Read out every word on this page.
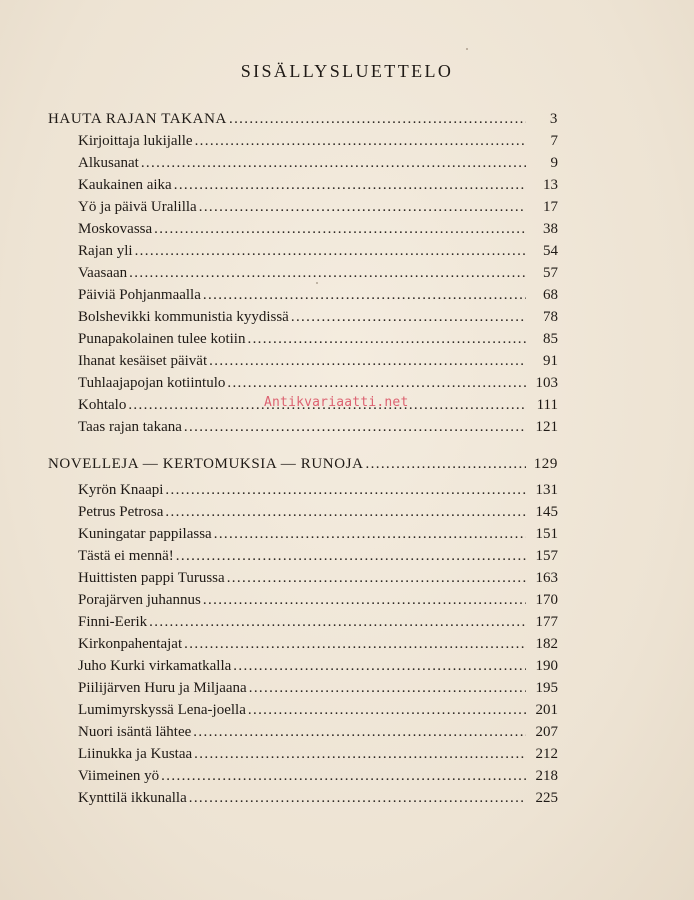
SISÄLLYSLUETTELO
HAUTA RAJAN TAKANA . . .	3
Kirjoittaja lukijalle . . .	7
Alkusanat . . .	9
Kaukainen aika . . .	13
Yö ja päivä Uralilla . . .	17
Moskovassa . . .	38
Rajan yli . . .	54
Vaasaan . . .	57
Päiviä Pohjanmaalla . . .	68
Bolshevikki kommunistia kyydissä . . .	78
Punapakolainen tulee kotiin . . .	85
Ihanat kesäiset päivät . . .	91
Tuhlaajapojan kotiintulo . . .	103
Kohtalo . . .	111
Taas rajan takana . . .	121
NOVELLEJA — KERTOMUKSIA — RUNOJA . . .	129
Kyrön Knaapi . . .	131
Petrus Petrosa . . .	145
Kuningatar pappilassa . . .	151
Tästä ei mennä! . . .	157
Huittisten pappi Turussa . . .	163
Porajärven juhannus . . .	170
Finni-Eerik . . .	177
Kirkonpahentajat . . .	182
Juho Kurki virkamatkalla . . .	190
Piilijärven Huru ja Miljaana . . .	195
Lumimyrskyssä Lena-joella . . .	201
Nuori isäntä lähtee . . .	207
Liinukka ja Kustaa . . .	212
Viimeinen yö . . .	218
Kynttilä ikkunalla . . .	225
Antikvariaatti.net
